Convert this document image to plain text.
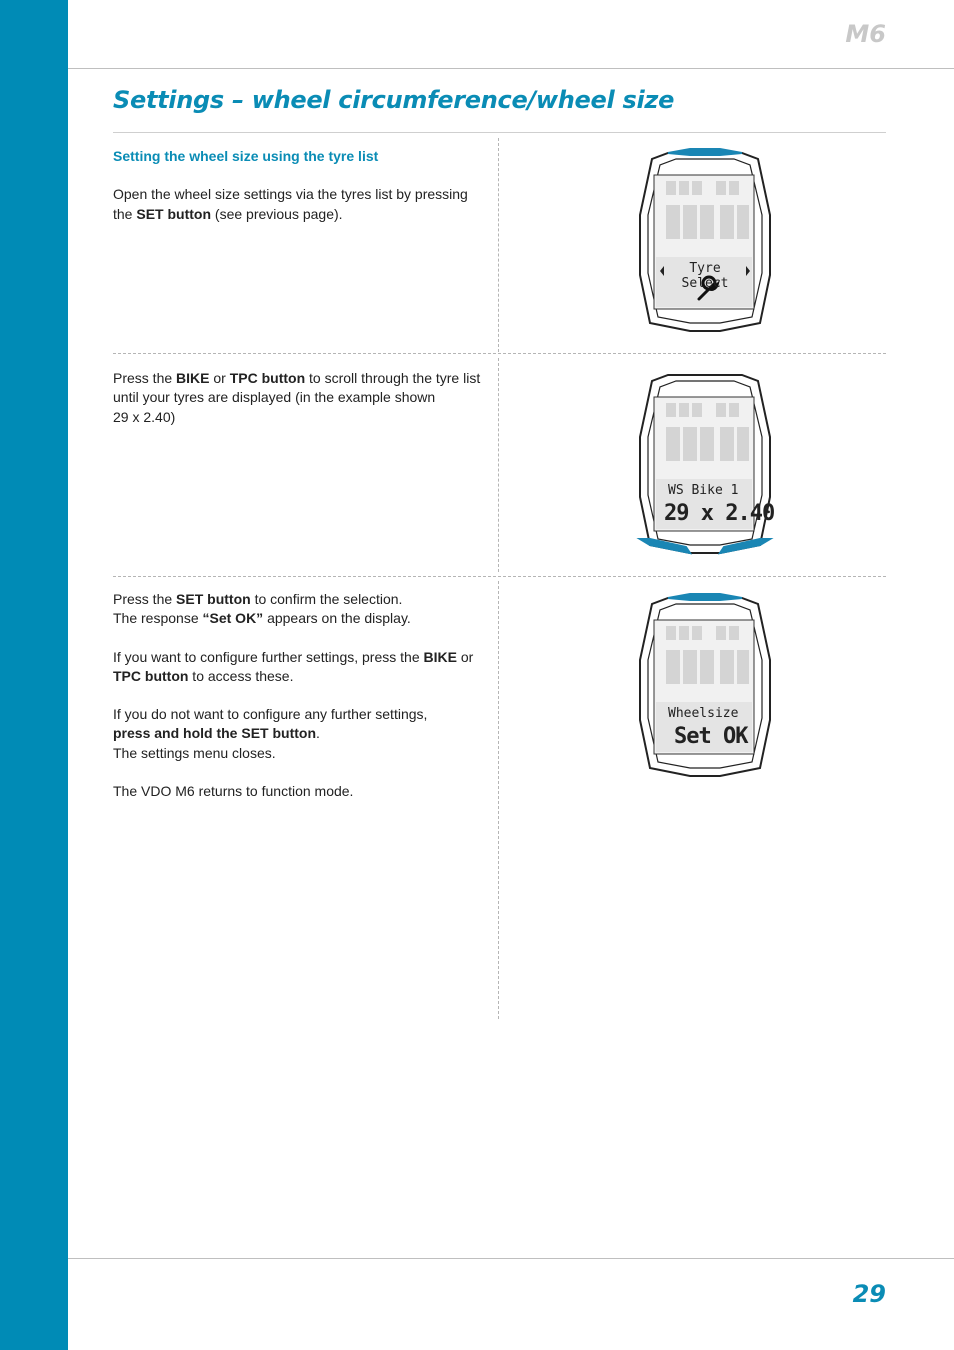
M6
Settings – wheel circumference/wheel size

Setting the wheel size using the tyre list

Open the wheel size settings via the tyres list by pressing the SET button (see previous page).

Press the BIKE or TPC button to scroll through the tyre list until your tyres are displayed (in the example shown
29 x 2.40)

Press the SET button to confirm the selection.
The response “Set OK” appears on the display.

If you want to configure further settings, press the BIKE or
TPC button to access these.

If you do not want to configure any further settings,
press and hold the SET button.
The settings menu closes.

The VDO M6 returns to function mode.

Tyre Select
WS Bike 1
29 x 2.40
Wheelsize
Set OK
29
